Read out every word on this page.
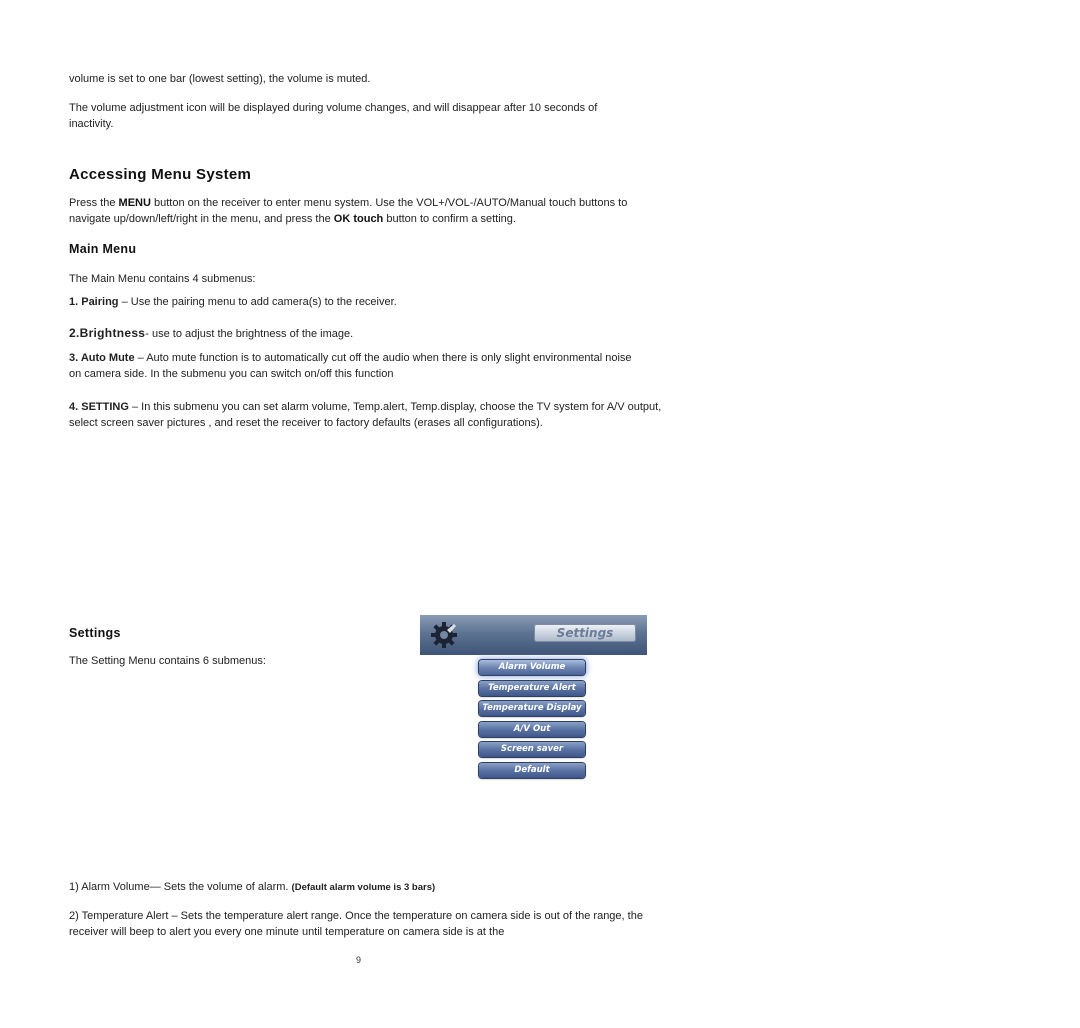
volume is set to one bar (lowest setting), the volume is muted.

The volume adjustment icon will be displayed during volume changes, and will disappear after 10 seconds of inactivity.

Accessing Menu System

Press the MENU button on the receiver to enter menu system. Use the VOL+/VOL-/AUTO/Manual touch buttons to navigate up/down/left/right in the menu, and press the OK touch button to confirm a setting.

Main Menu

The Main Menu contains 4 submenus:

1. Pairing – Use the pairing menu to add camera(s) to the receiver.

2.Brightness- use to adjust the brightness of the image.

3. Auto Mute – Auto mute function is to automatically cut off the audio when there is only slight environmental noise on camera side. In the submenu you can switch on/off this function

4. SETTING – In this submenu you can set alarm volume, Temp.alert, Temp.display, choose the TV system for A/V output, select screen saver pictures , and reset the receiver to factory defaults (erases all configurations).

Settings

The Setting Menu contains 6 submenus:

Settings
Alarm Volume
Temperature Alert
Temperature Display
A/V Out
Screen saver
Default

1) Alarm Volume— Sets the volume of alarm. (Default alarm volume is 3 bars)

2) Temperature Alert – Sets the temperature alert range. Once the temperature on camera side is out of the range, the receiver will beep to alert you every one minute until temperature on camera side is at the

9
